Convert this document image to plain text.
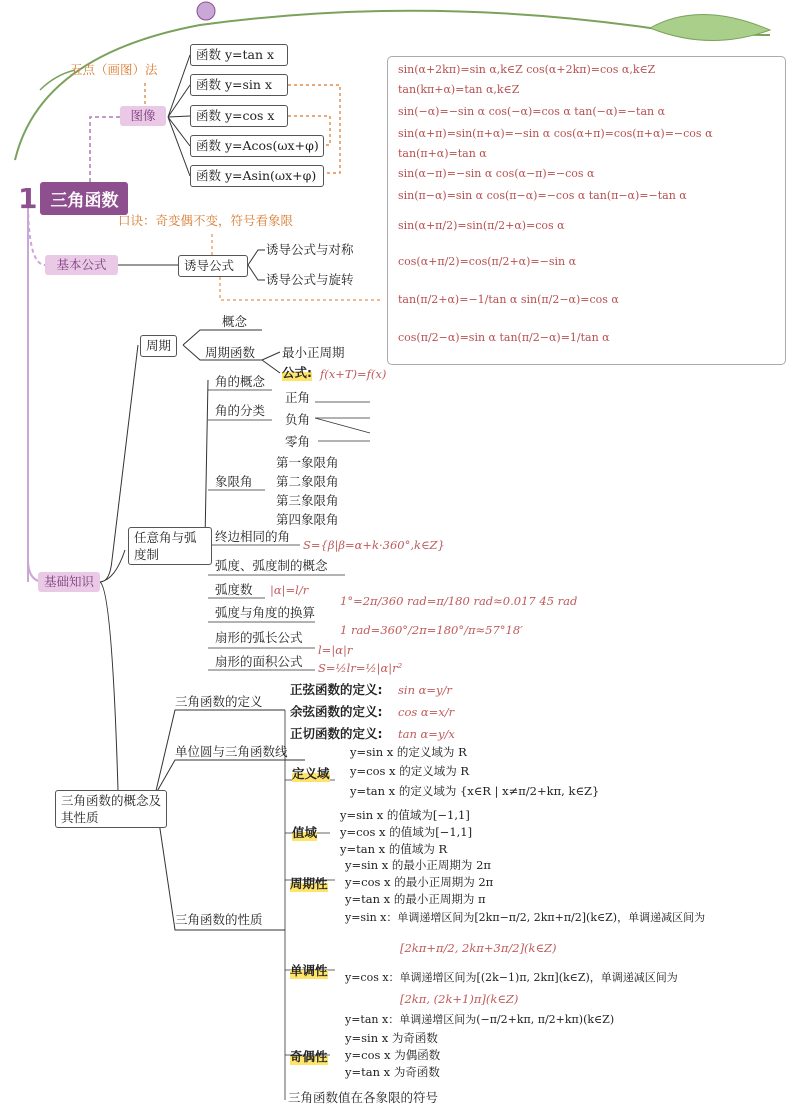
1 三角函数
五点（画图）法
图像
函数 y=tan x
函数 y=sin x
函数 y=cos x
函数 y=Acos(ωx+φ)
函数 y=Asin(ωx+φ)
口诀：奇变偶不变，符号看象限
基本公式	诱导公式
诱导公式与对称
诱导公式与旋转
sin(α+2kπ)=sin α,k∈Z cos(α+2kπ)=cos α,k∈Z
tan(kπ+α)=tan α,k∈Z
sin(−α)=−sin α cos(−α)=cos α tan(−α)=−tan α
sin(α+π)=sin(π+α)=−sin α cos(α+π)=cos(π+α)=−cos α
tan(π+α)=tan α
sin(α−π)=−sin α cos(α−π)=−cos α
sin(π−α)=sin α cos(π−α)=−cos α tan(π−α)=−tan α
sin(α+π/2)=sin(π/2+α)=cos α
cos(α+π/2)=cos(π/2+α)=−sin α
tan(π/2+α)=−1/tan α sin(π/2−α)=cos α
cos(π/2−α)=sin α tan(π/2−α)=1/tan α
基础知识
周期
概念
周期函数 最小正周期
公式: f(x+T)=f(x)
任意角与弧度制
角的概念
角的分类
正角
负角
零角
象限角
第一象限角
第二象限角
第三象限角
第四象限角
终边相同的角
S={β|β=α+k·360°,k∈Z}
弧度、弧度制的概念
弧度数 |α|=l/r
弧度与角度的换算
1°=2π/360 rad=π/180 rad≈0.017 45 rad
1 rad=360°/2π=180°/π≈57°18′
扇形的弧长公式
l=|α|r
扇形的面积公式 S=½lr=½|α|r²
三角函数的概念及其性质
三角函数的定义
正弦函数的定义: sin α=y/r
余弦函数的定义: cos α=x/r
正切函数的定义: tan α=y/x
单位圆与三角函数线
三角函数的性质
定义域
y=sin x 的定义域为 R
y=cos x 的定义域为 R
y=tan x 的定义域为 {x∈R | x≠π/2+kπ, k∈Z}
值域
y=sin x 的值域为[−1,1]
y=cos x 的值域为[−1,1]
y=tan x 的值域为 R
周期性
y=sin x 的最小正周期为 2π
y=cos x 的最小正周期为 2π
y=tan x 的最小正周期为 π
单调性
y=sin x：单调递增区间为[2kπ−π/2, 2kπ+π/2](k∈Z)，单调递减区间为
[2kπ+π/2, 2kπ+3π/2](k∈Z)
y=cos x：单调递增区间为[(2k−1)π, 2kπ](k∈Z)，单调递减区间为
[2kπ, (2k+1)π](k∈Z)
y=tan x：单调递增区间为(−π/2+kπ, π/2+kπ)(k∈Z)
奇偶性
y=sin x 为奇函数
y=cos x 为偶函数
y=tan x 为奇函数
三角函数值在各象限的符号
